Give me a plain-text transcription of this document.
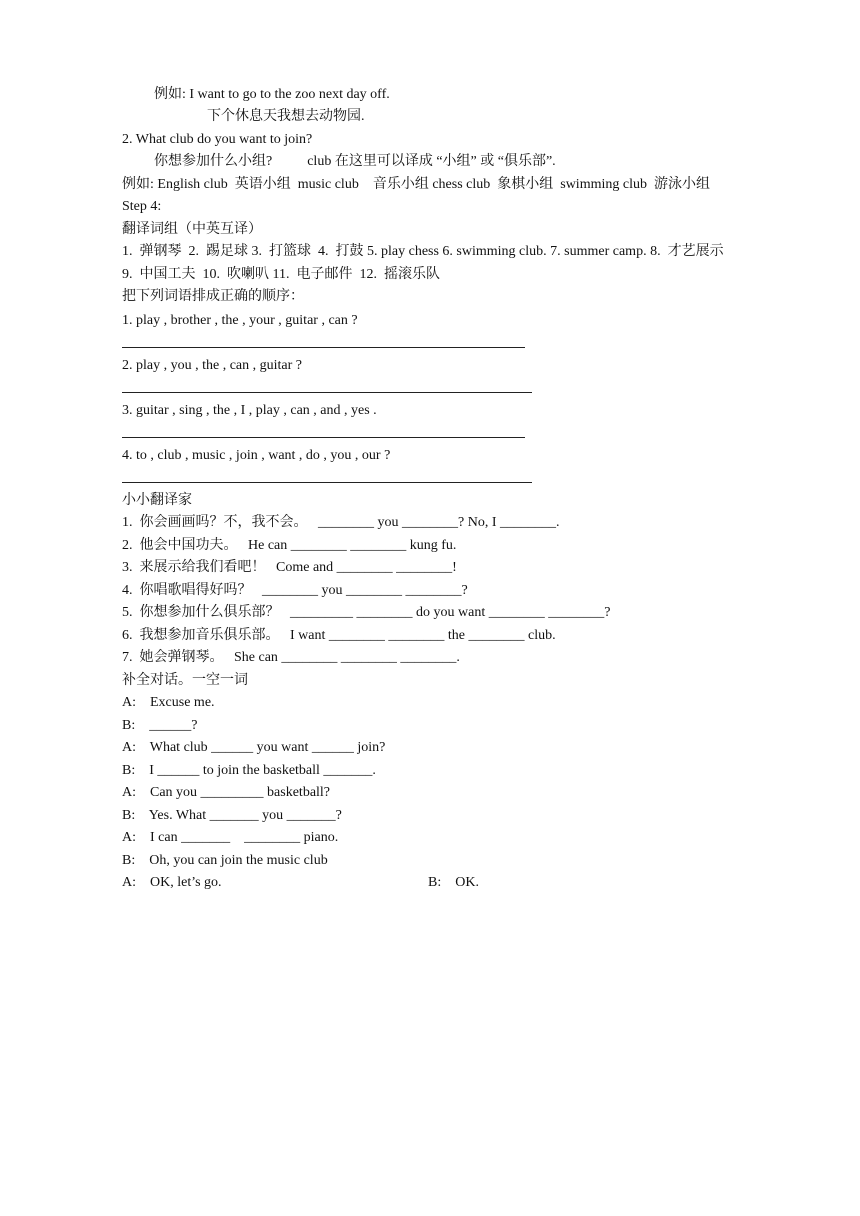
例如: I want to go to the zoo next day off.
下个休息天我想去动物园.
2. What club do you want to join?
你想参加什么小组?          club 在这里可以译成 “小组” 或 “俱乐部”.
例如: English club  英语小组  music club    音乐小组 chess club  象棋小组  swimming club  游泳小组
Step 4:
翻译词组（中英互译）
1.  弹钢琴  2.  踢足球 3.  打篮球  4.  打鼓 5. play chess 6. swimming club. 7. summer camp. 8.  才艺展示
9.  中国工夫  10.  吹喇叭 11.  电子邮件  12.  摇滚乐队
把下列词语排成正确的顺序：
1. play , brother , the , your , guitar , can ?
2. play , you , the , can , guitar ?
3. guitar , sing , the , I , play , can , and , yes .
4. to , club , music , join , want , do , you , our ?
小小翻译家
1.  你会画画吗？不，我不会。   ________ you ________? No, I ________.
2.  他会中国功夫。   He can ________ ________ kung fu.
3.  来展示给我们看吧！   Come and ________ ________!
4.  你唱歌唱得好吗？   ________ you ________ ________?
5.  你想参加什么俱乐部？   _________ ________ do you want ________ ________?
6.  我想参加音乐俱乐部。   I want ________ ________ the ________ club.
7.  她会弹钢琴。   She can ________ ________ ________.
补全对话。一空一词
A:    Excuse me.
B:    ______?
A:    What club ______ you want ______ join?
B:    I ______ to join the basketball _______.
A:    Can you _________ basketball?
B:    Yes. What _______ you _______?
A:    I can _______    ________ piano.
B:    Oh, you can join the music club
A:    OK, let’s go.	B:    OK.
